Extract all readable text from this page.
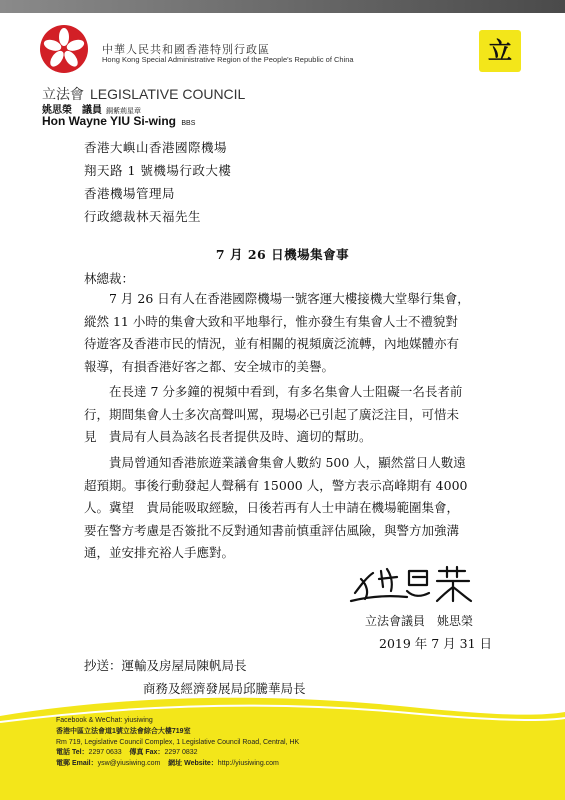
中華人民共和國香港特別行政區
Hong Kong Special Administrative Region of the People's Republic of China	立
立法會 LEGISLATIVE COUNCIL
姚思榮　議員 銅紫荊星章
Hon Wayne YIU Si-wing BBS
香港大嶼山香港國際機場
翔天路 1 號機場行政大樓
香港機場管理局
行政總裁林天福先生
7 月 26 日機場集會事
林總裁：
　　7 月 26 日有人在香港國際機場一號客運大樓接機大堂舉行集會，
縱然 11 小時的集會大致和平地舉行，惟亦發生有集會人士不禮貌對
待遊客及香港市民的情況，並有相關的視頻廣泛流轉，內地媒體亦有
報導，有損香港好客之都、安全城市的美譽。
　　在長達 7 分多鐘的視頻中看到，有多名集會人士阻礙一名長者前
行，期間集會人士多次高聲叫罵，現場必已引起了廣泛注目，可惜未
見　貴局有人員為該名長者提供及時、適切的幫助。
　　貴局曾通知香港旅遊業議會集會人數約 500 人，顯然當日人數遠
超預期。事後行動發起人聲稱有 15000 人，警方表示高峰期有 4000
人。冀望　貴局能吸取經驗，日後若再有人士申請在機場範圍集會，
要在警方考慮是否簽批不反對通知書前慎重評估風險，與警方加強溝
通，並安排充裕人手應對。
立法會議員　姚思榮
2019 年 7 月 31 日
抄送：運輸及房屋局陳帆局長
商務及經濟發展局邱騰華局長
Facebook & WeChat: yiusiwing
香港中區立法會道1號立法會綜合大樓719室
Rm 719, Legislative Council Complex, 1 Legislative Council Road, Central, HK
電話 Tel：2297 0633 傳真 Fax：2297 0832
電郵 Email：ysw@yiusiwing.com 網址 Website：http://yiusiwing.com
